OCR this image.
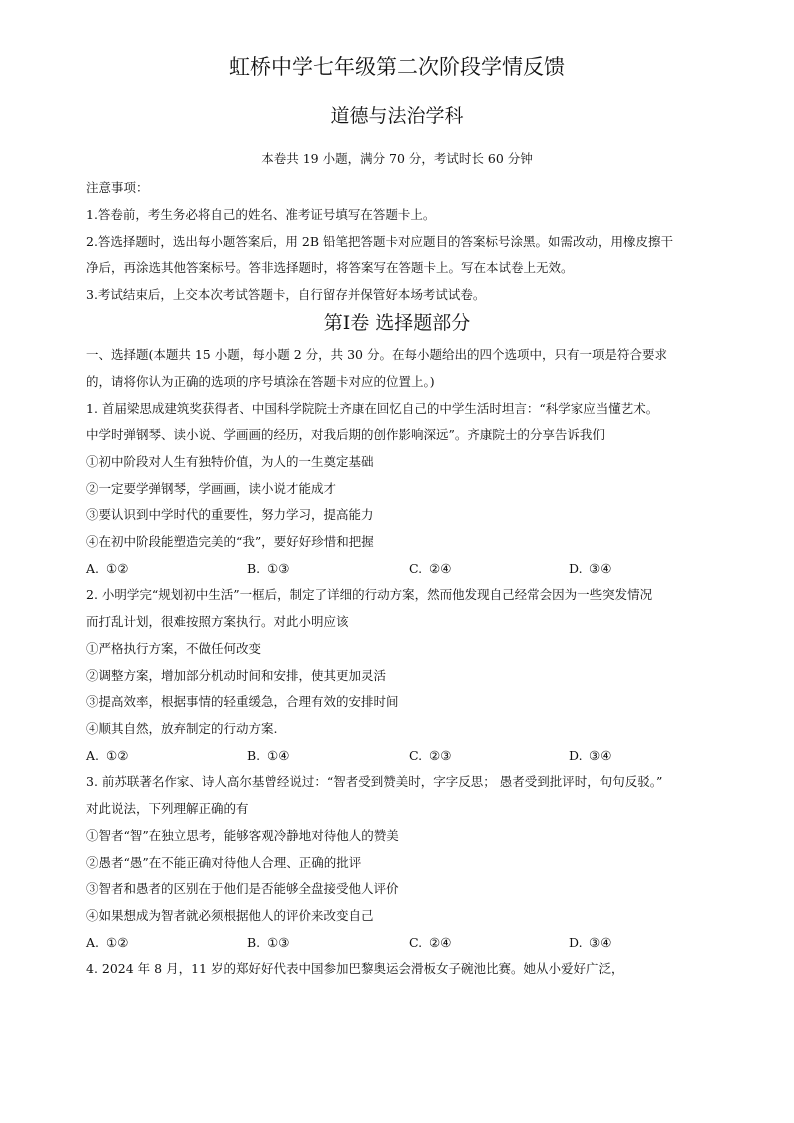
虹桥中学七年级第二次阶段学情反馈
道德与法治学科
本卷共 19 小题，满分 70 分，考试时长 60 分钟
注意事项：
1.答卷前，考生务必将自己的姓名、准考证号填写在答题卡上。
2.答选择题时，选出每小题答案后，用 2B 铅笔把答题卡对应题目的答案标号涂黑。如需改动，用橡皮擦干
净后，再涂选其他答案标号。答非选择题时，将答案写在答题卡上。写在本试卷上无效。
3.考试结束后，上交本次考试答题卡，自行留存并保管好本场考试试卷。
第Ⅰ卷 选择题部分
一、选择题(本题共 15 小题，每小题 2 分，共 30 分。在每小题给出的四个选项中，只有一项是符合要求
的，请将你认为正确的选项的序号填涂在答题卡对应的位置上。)
1. 首届梁思成建筑奖获得者、中国科学院院士齐康在回忆自己的中学生活时坦言：“科学家应当懂艺术。
中学时弹钢琴、读小说、学画画的经历，对我后期的创作影响深远”。齐康院士的分享告诉我们
①初中阶段对人生有独特价值，为人的一生奠定基础
②一定要学弹钢琴，学画画，读小说才能成才
③要认识到中学时代的重要性，努力学习，提高能力
④在初中阶段能塑造完美的“我”，要好好珍惜和把握
A. ①②	B. ①③	C. ②④	D. ③④
2. 小明学完“规划初中生活”一框后，制定了详细的行动方案，然而他发现自己经常会因为一些突发情况
而打乱计划，很难按照方案执行。对此小明应该
①严格执行方案，不做任何改变
②调整方案，增加部分机动时间和安排，使其更加灵活
③提高效率，根据事情的轻重缓急，合理有效的安排时间
④顺其自然，放弃制定的行动方案.
A. ①②	B. ①④	C. ②③	D. ③④
3. 前苏联著名作家、诗人高尔基曾经说过：“智者受到赞美时，字字反思； 愚者受到批评时，句句反驳。”
对此说法，下列理解正确的有
①智者“智”在独立思考，能够客观冷静地对待他人的赞美
②愚者“愚”在不能正确对待他人合理、正确的批评
③智者和愚者的区别在于他们是否能够全盘接受他人评价
④如果想成为智者就必须根据他人的评价来改变自己
A. ①②	B. ①③	C. ②④	D. ③④
4. 2024 年 8 月，11 岁的郑好好代表中国参加巴黎奥运会滑板女子碗池比赛。她从小爱好广泛，
